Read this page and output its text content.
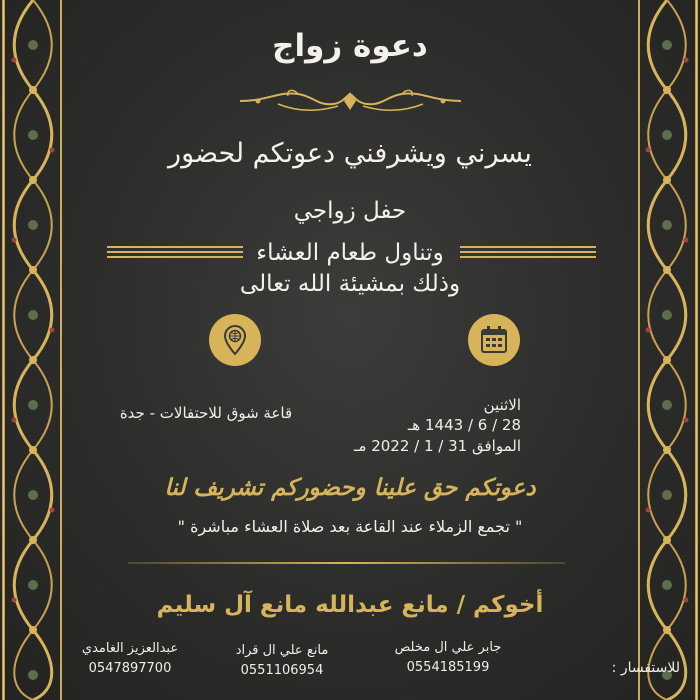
دعوة زواج
يسرني ويشرفني دعوتكم لحضور
حفل زواجي
وتناول طعام العشاء
وذلك بمشيئة الله تعالى
الاثنين
28 / 6 / 1443 هـ
الموافق 31 / 1 / 2022 مـ
قاعة شوق للاحتفالات - جدة
دعوتكم حق علينا وحضوركم تشريف لنا
" تجمع الزملاء عند القاعة بعد صلاة العشاء مباشرة "
أخوكم / مانع عبدالله مانع آل سليم
جابر علي ال مخلص
0554185199
مانع علي ال قراد
0551106954
عبدالعزيز الغامدي
0547897700	للاستفسار :
